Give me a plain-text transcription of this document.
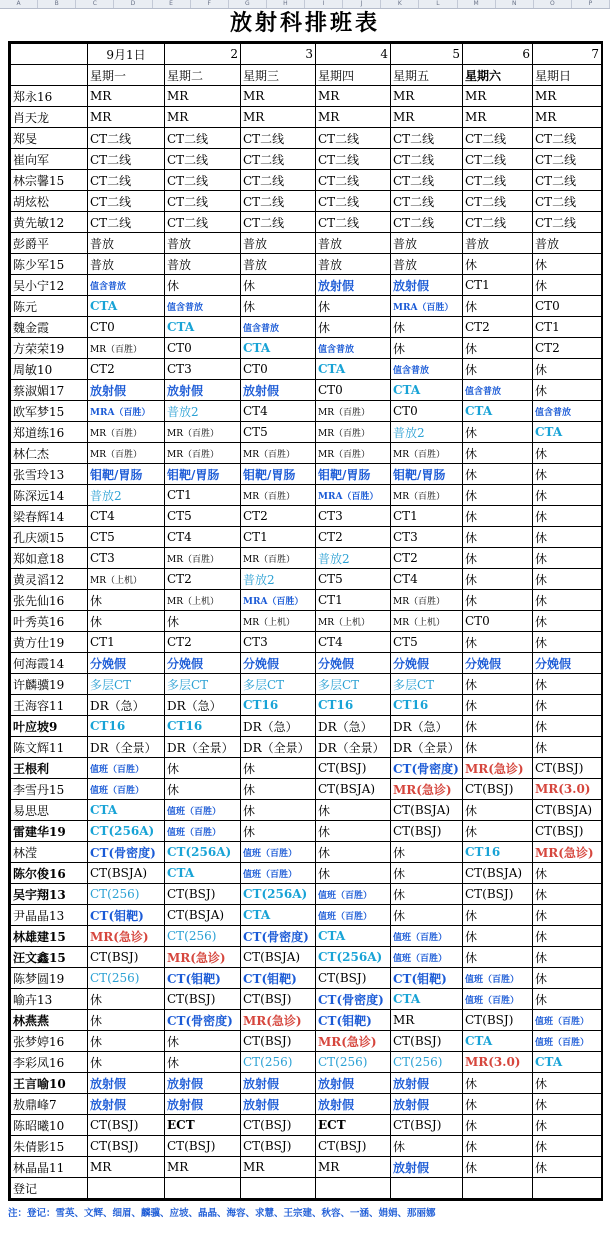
A	B	C	D	E	F	G	H	I	J	K	L	M	N	O	P
放射科排班表
	9月1日	2	3	4	5	6	7
	星期一	星期二	星期三	星期四	星期五	星期六	星期日
郑永16	MR	MR	MR	MR	MR	MR	MR
肖天龙	MR	MR	MR	MR	MR	MR	MR
郑旻	CT二线	CT二线	CT二线	CT二线	CT二线	CT二线	CT二线
崔向军	CT二线	CT二线	CT二线	CT二线	CT二线	CT二线	CT二线
林宗馨15	CT二线	CT二线	CT二线	CT二线	CT二线	CT二线	CT二线
胡炫松	CT二线	CT二线	CT二线	CT二线	CT二线	CT二线	CT二线
黄先敏12	CT二线	CT二线	CT二线	CT二线	CT二线	CT二线	CT二线
彭爵平	普放	普放	普放	普放	普放	普放	普放
陈少军15	普放	普放	普放	普放	普放	休	休
吴小宁12	值含普放	休	休	放射假	放射假	CT1	休
陈元	CTA	值含普放	休	休	MRA（百胜）	休	CT0
魏金霞	CT0	CTA	值含普放	休	休	CT2	CT1
方荣荣19	MR（百胜）	CT0	CTA	值含普放	休	休	CT2
周敏10	CT2	CT3	CT0	CTA	值含普放	休	休
蔡淑媚17	放射假	放射假	放射假	CT0	CTA	值含普放	休
欧军梦15	MRA（百胜）	普放2	CT4	MR（百胜）	CT0	CTA	值含普放
郑道练16	MR（百胜）	MR（百胜）	CT5	MR（百胜）	普放2	休	CTA
林仁杰	MR（百胜）	MR（百胜）	MR（百胜）	MR（百胜）	MR（百胜）	休	休
张雪玲13	钼靶/胃肠	钼靶/胃肠	钼靶/胃肠	钼靶/胃肠	钼靶/胃肠	休	休
陈深远14	普放2	CT1	MR（百胜）	MRA（百胜）	MR（百胜）	休	休
梁春辉14	CT4	CT5	CT2	CT3	CT1	休	休
孔庆颂15	CT5	CT4	CT1	CT2	CT3	休	休
郑如意18	CT3	MR（百胜）	MR（百胜）	普放2	CT2	休	休
黄灵滔12	MR（上机）	CT2	普放2	CT5	CT4	休	休
张先仙16	休	MR（上机）	MRA（百胜）	CT1	MR（百胜）	休	休
叶秀英16	休	休	MR（上机）	MR（上机）	MR（上机）	CT0	休
黄方仕19	CT1	CT2	CT3	CT4	CT5	休	休
何海霞14	分娩假	分娩假	分娩假	分娩假	分娩假	分娩假	分娩假
许麟骥19	多层CT	多层CT	多层CT	多层CT	多层CT	休	休
王海容11	DR（急）	DR（急）	CT16	CT16	CT16	休	休
叶应坡9	CT16	CT16	DR（急）	DR（急）	DR（急）	休	休
陈文辉11	DR（全景）	DR（全景）	DR（全景）	DR（全景）	DR（全景）	休	休
王根利	值班（百胜）	休	休	CT(BSJ)	CT(骨密度)	MR(急诊)	CT(BSJ)
李雪丹15	值班（百胜）	休	休	CT(BSJA)	MR(急诊)	CT(BSJ)	MR(3.0)
易思思	CTA	值班（百胜）	休	休	CT(BSJA)	休	CT(BSJA)
雷建华19	CT(256A)	值班（百胜）	休	休	CT(BSJ)	休	CT(BSJ)
林滢	CT(骨密度)	CT(256A)	值班（百胜）	休	休	CT16	MR(急诊)
陈尔俊16	CT(BSJA)	CTA	值班（百胜）	休	休	CT(BSJA)	休
吴宇翔13	CT(256)	CT(BSJ)	CT(256A)	值班（百胜）	休	CT(BSJ)	休
尹晶晶13	CT(钼靶)	CT(BSJA)	CTA	值班（百胜）	休	休	休
林雄建15	MR(急诊)	CT(256)	CT(骨密度)	CTA	值班（百胜）	休	休
汪文鑫15	CT(BSJ)	MR(急诊)	CT(BSJA)	CT(256A)	值班（百胜）	休	休
陈梦圆19	CT(256)	CT(钼靶)	CT(钼靶)	CT(BSJ)	CT(钼靶)	值班（百胜）	休
喻卉13	休	CT(BSJ)	CT(BSJ)	CT(骨密度)	CTA	值班（百胜）	休
林燕燕	休	CT(骨密度)	MR(急诊)	CT(钼靶)	MR	CT(BSJ)	值班（百胜）
张梦婷16	休	休	CT(BSJ)	MR(急诊)	CT(BSJ)	CTA	值班（百胜）
李彩凤16	休	休	CT(256)	CT(256)	CT(256)	MR(3.0)	CTA
王言喻10	放射假	放射假	放射假	放射假	放射假	休	休
敖鼎峰7	放射假	放射假	放射假	放射假	放射假	休	休
陈昭曦10	CT(BSJ)	ECT	CT(BSJ)	ECT	CT(BSJ)	休	休
朱倩影15	CT(BSJ)	CT(BSJ)	CT(BSJ)	CT(BSJ)	休	休	休
林晶晶11	MR	MR	MR	MR	放射假	休	休
登记							
注：登记：雪英、文辉、细眉、麟骥、应坡、晶晶、海容、求慧、王宗建、秋容、一涵、娟娟、那丽娜
